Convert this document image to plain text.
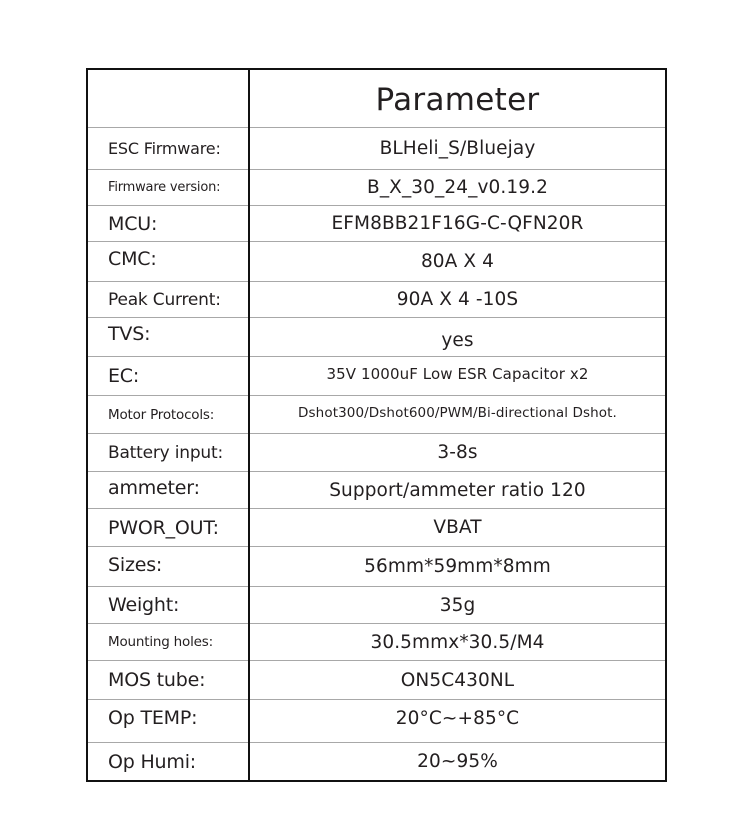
Parameter
ESC Firmware:	BLHeli_S/Bluejay
Firmware version:	B_X_30_24_v0.19.2
MCU:	EFM8BB21F16G-C-QFN20R
CMC:	80A X 4
Peak Current:	90A X 4 -10S
TVS:	yes
EC:	35V 1000uF Low ESR Capacitor x2
Motor Protocols:	Dshot300/Dshot600/PWM/Bi-directional Dshot.
Battery input:	3-8s
ammeter:	Support/ammeter ratio 120
PWOR_OUT:	VBAT
Sizes:	56mm*59mm*8mm
Weight:	35g
Mounting holes:	30.5mmx*30.5/M4
MOS tube:	ON5C430NL
Op TEMP:	20°C~+85°C
Op Humi:	20~95%
